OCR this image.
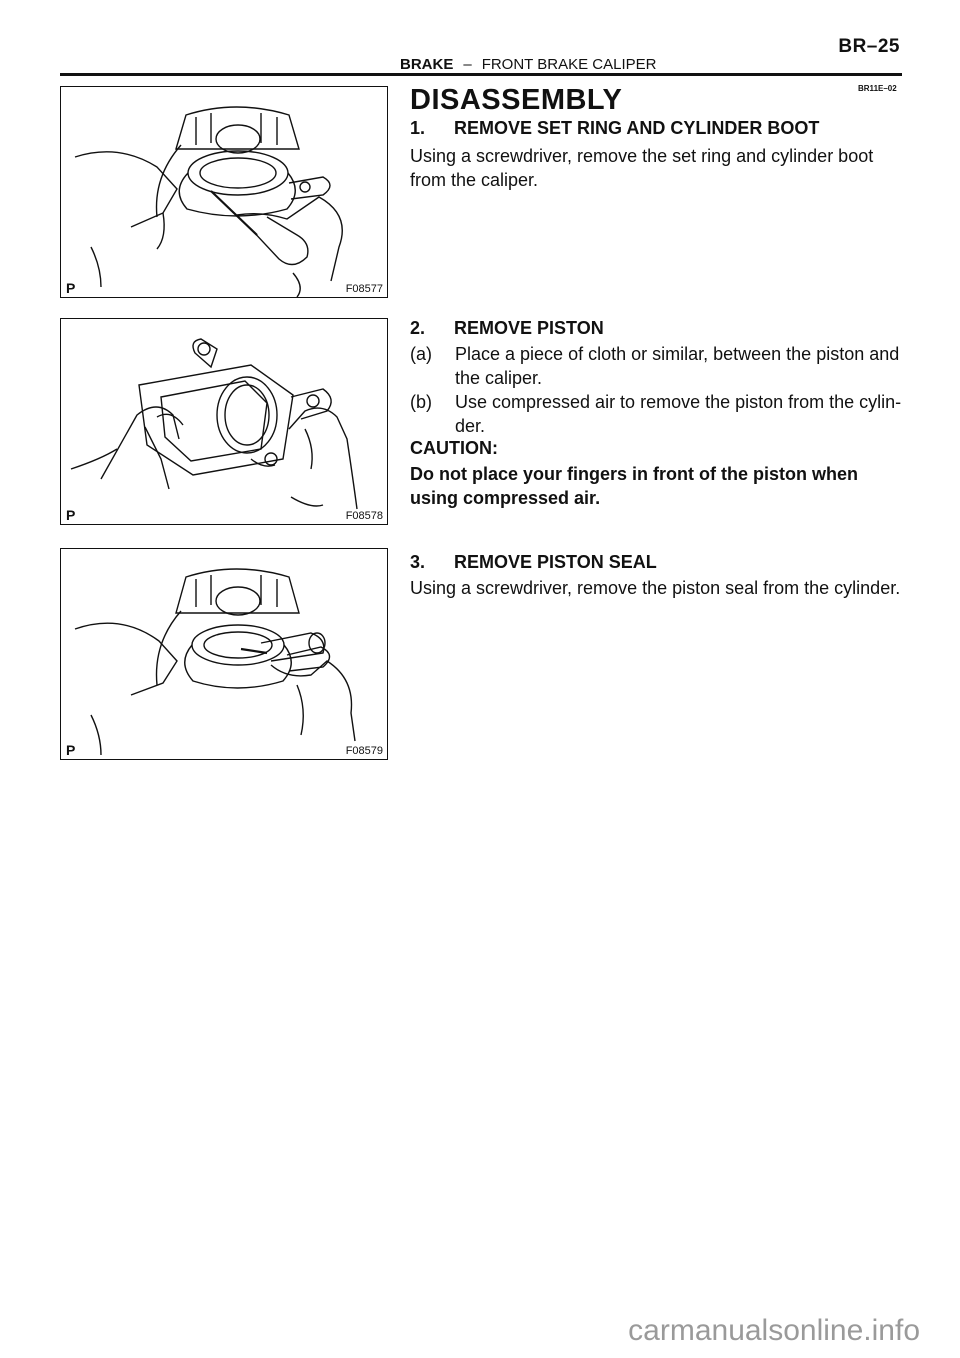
BR–25
BRAKE – FRONT BRAKE CALIPER
BR11E–02
P	F08577
P	F08578
P	F08579
DISASSEMBLY
1. REMOVE SET RING AND CYLINDER BOOT
Using a screwdriver, remove the set ring and cylinder boot from the caliper.
2. REMOVE PISTON
(a) Place a piece of cloth or similar, between the piston and the caliper.
(b) Use compressed air to remove the piston from the cylin-der.
CAUTION:
Do not place your fingers in front of the piston when using compressed air.
3. REMOVE PISTON SEAL
Using a screwdriver, remove the piston seal from the cylinder.
carmanualsonline.info
